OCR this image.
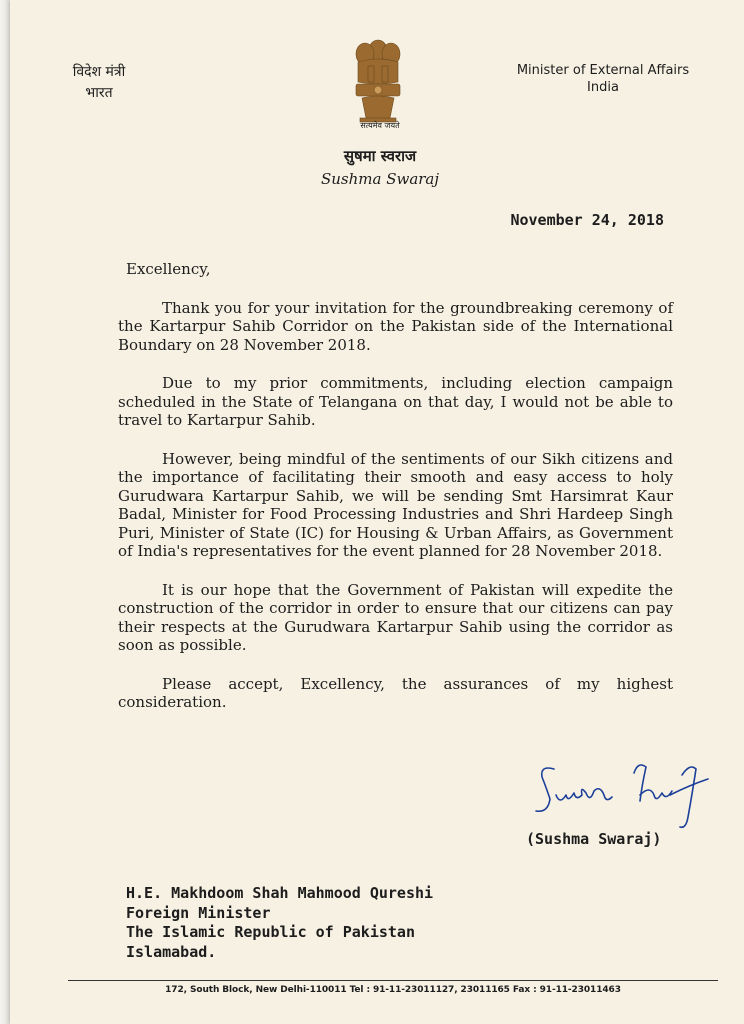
विदेश मंत्री
भारत
सत्यमेव जयते
Minister of External Affairs
India
सुषमा स्वराज
Sushma Swaraj
November 24, 2018

Excellency,

Thank you for your invitation for the groundbreaking ceremony of the Kartarpur Sahib Corridor on the Pakistan side of the International Boundary on 28 November 2018.

Due to my prior commitments, including election campaign scheduled in the State of Telangana on that day, I would not be able to travel to Kartarpur Sahib.

However, being mindful of the sentiments of our Sikh citizens and the importance of facilitating their smooth and easy access to holy Gurudwara Kartarpur Sahib, we will be sending Smt Harsimrat Kaur Badal, Minister for Food Processing Industries and Shri Hardeep Singh Puri, Minister of State (IC) for Housing & Urban Affairs, as Government of India's representatives for the event planned for 28 November 2018.

It is our hope that the Government of Pakistan will expedite the construction of the corridor in order to ensure that our citizens can pay their respects at the Gurudwara Kartarpur Sahib using the corridor as soon as possible.

Please accept, Excellency, the assurances of my highest consideration.

(Sushma Swaraj)
H.E. Makhdoom Shah Mahmood Qureshi
Foreign Minister
The Islamic Republic of Pakistan
Islamabad.
172, South Block, New Delhi-110011 Tel : 91-11-23011127, 23011165 Fax : 91-11-23011463
